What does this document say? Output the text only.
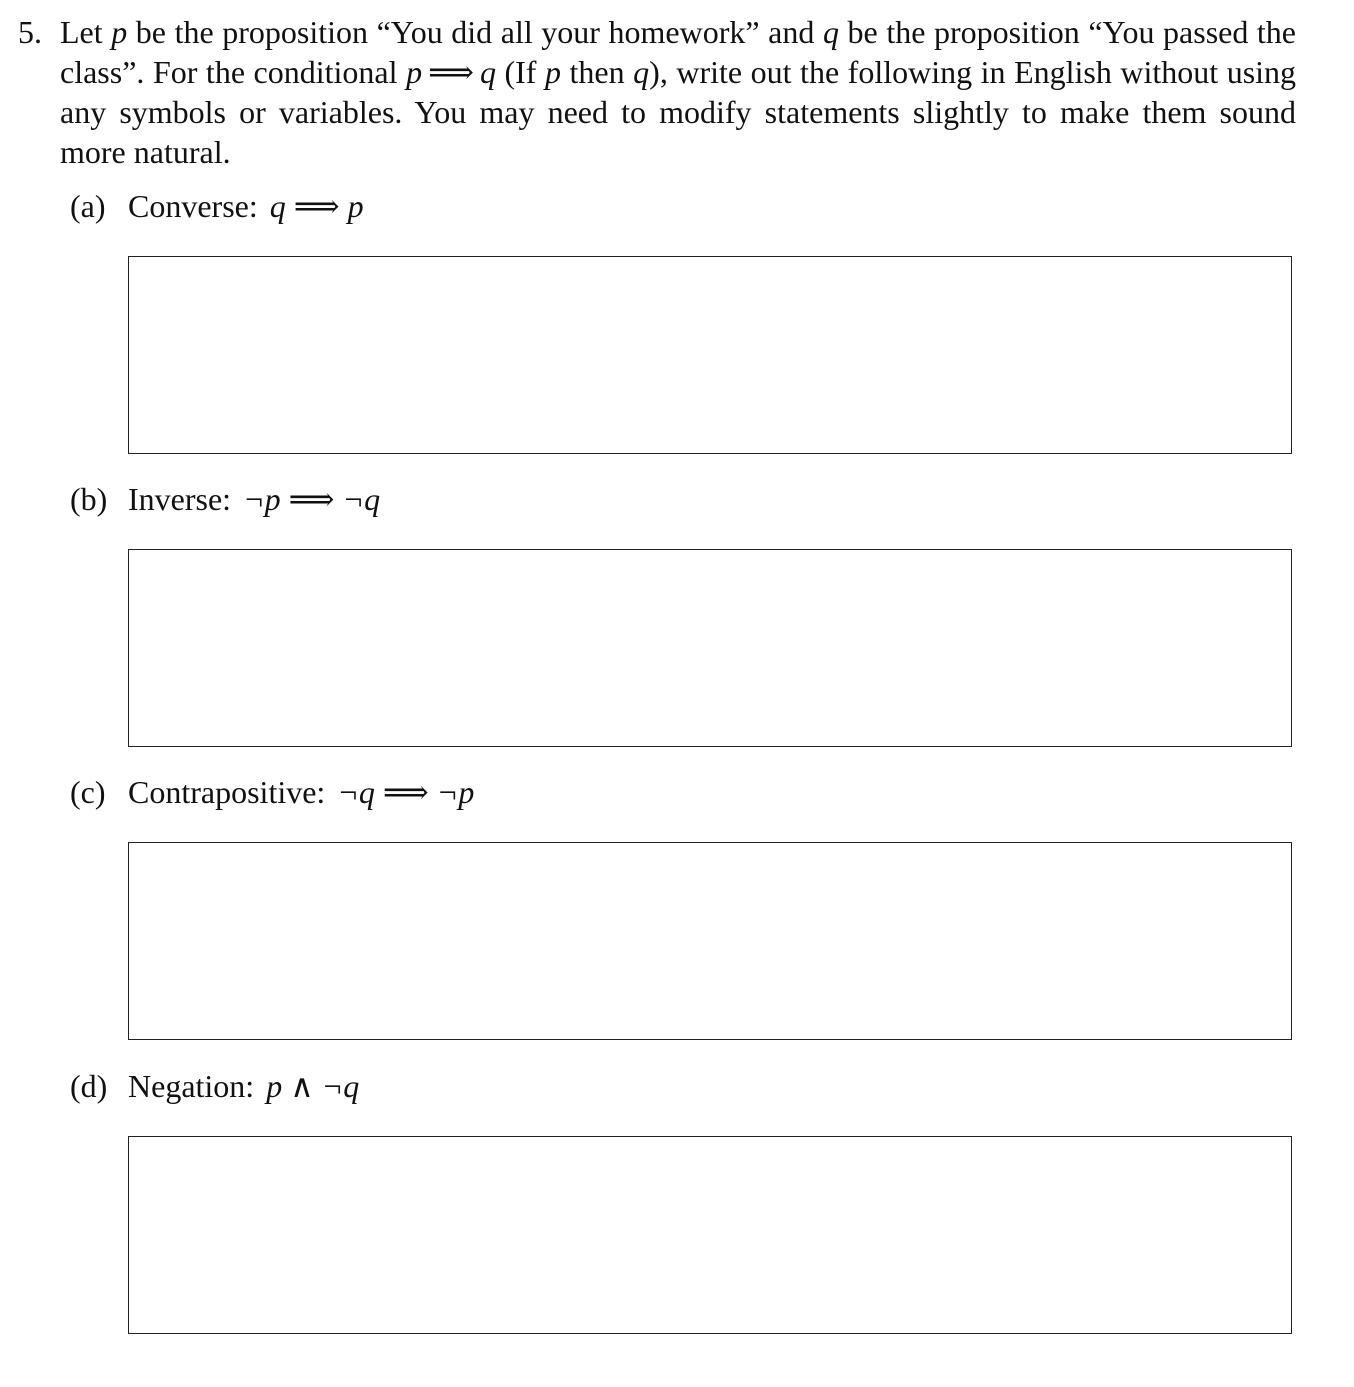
5. Let p be the proposition “You did all your homework” and q be the proposition “You passed the class”. For the conditional p ⟹ q (If p then q), write out the following in English without using any symbols or variables. You may need to modify statements slightly to make them sound more natural.
(a) Converse: q ⟹ p
(b) Inverse: ¬p ⟹ ¬q
(c) Contrapositive: ¬q ⟹ ¬p
(d) Negation: p ∧ ¬q
